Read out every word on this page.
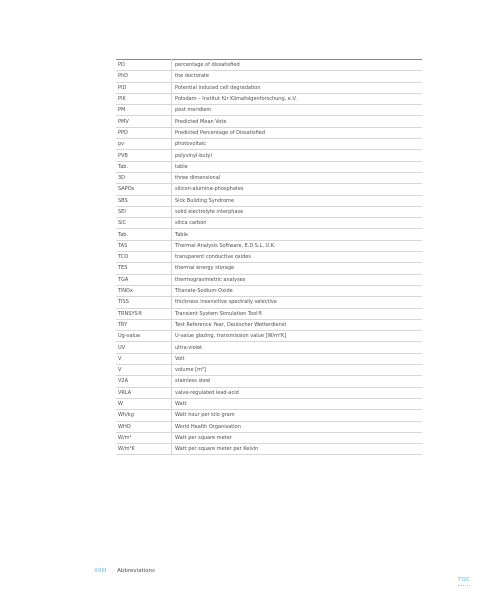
PD	percentage of dissatisfied
PhD	the doctorate
PID	Potential induced cell degradation
PIK	Potsdam – Institut für Klimafolgenforschung, e.V.
PM	post meridiem
PMV	Predicted Mean Vote
PPD	Predicted Percentage of Dissatisfied
pv	photovoltaic
PVB	polyvinyl-butyl
Tab.	table
3D	three dimensional
SAPOs	silicon-alumina-phosphates
SBS	Sick Building Syndrome
SEI	solid electrolyte interphase
SIC	silica carbon
Tab.	Table
TAS	Thermal Analysis Software, E.D.S.L, U.K.
TCO	transparent conductive oxides
TES	thermal energy storage
TGA	thermogravimetric analyses
TiNOx	Titanate-Sodium-Oxide
TISS	thickness insensitive spectrally selective
TRNSYS®	Transient System Simulation Tool®
TRY	Test Reference Year, Deutscher Wetterdienst
Ug-value	U-value glazing, transmission value [W/m²K]
UV	ultra-violet
V	Volt
V	volume [m³]
V2A	stainless steel
VRLA	valve-regulated lead-acid
W	Watt
Wh/kg	Watt hour per kilo gram
WHO	World Health Organisation
W/m²	Watt per square meter
W/m²K	Watt per square meter per Kelvin
XXIII Abbreviations
TOC
